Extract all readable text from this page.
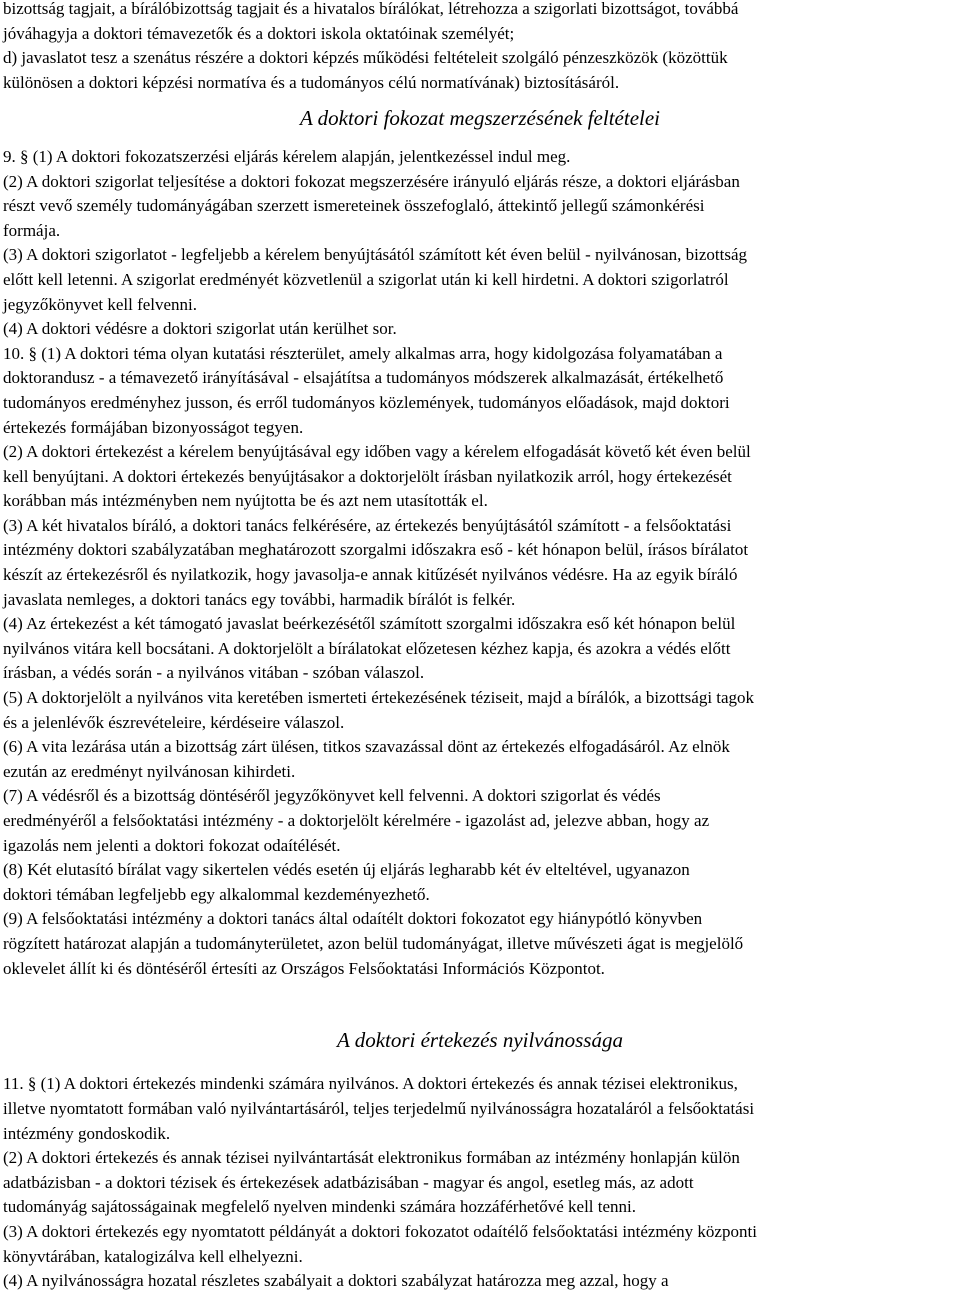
bizottság tagjait, a bírálóbizottság tagjait és a hivatalos bírálókat, létrehozza a szigorlati bizottságot, továbbá
jóváhagyja a doktori témavezetők és a doktori iskola oktatóinak személyét;
d) javaslatot tesz a szenátus részére a doktori képzés működési feltételeit szolgáló pénzeszközök (közöttük
különösen a doktori képzési normatíva és a tudományos célú normatívának) biztosításáról.
A doktori fokozat megszerzésének feltételei
9. § (1) A doktori fokozatszerzési eljárás kérelem alapján, jelentkezéssel indul meg.
(2) A doktori szigorlat teljesítése a doktori fokozat megszerzésére irányuló eljárás része, a doktori eljárásban
részt vevő személy tudományágában szerzett ismereteinek összefoglaló, áttekintő jellegű számonkérési
formája.
(3) A doktori szigorlatot - legfeljebb a kérelem benyújtásától számított két éven belül - nyilvánosan, bizottság
előtt kell letenni. A szigorlat eredményét közvetlenül a szigorlat után ki kell hirdetni. A doktori szigorlatról
jegyzőkönyvet kell felvenni.
(4) A doktori védésre a doktori szigorlat után kerülhet sor.
10. § (1) A doktori téma olyan kutatási részterület, amely alkalmas arra, hogy kidolgozása folyamatában a
doktorandusz - a témavezető irányításával - elsajátítsa a tudományos módszerek alkalmazását, értékelhető
tudományos eredményhez jusson, és erről tudományos közlemények, tudományos előadások, majd doktori
értekezés formájában bizonyosságot tegyen.
(2) A doktori értekezést a kérelem benyújtásával egy időben vagy a kérelem elfogadását követő két éven belül
kell benyújtani. A doktori értekezés benyújtásakor a doktorjelölt írásban nyilatkozik arról, hogy értekezését
korábban más intézményben nem nyújtotta be és azt nem utasították el.
(3) A két hivatalos bíráló, a doktori tanács felkérésére, az értekezés benyújtásától számított - a felsőoktatási
intézmény doktori szabályzatában meghatározott szorgalmi időszakra eső - két hónapon belül, írásos bírálatot
készít az értekezésről és nyilatkozik, hogy javasolja-e annak kitűzését nyilvános védésre. Ha az egyik bíráló
javaslata nemleges, a doktori tanács egy további, harmadik bírálót is felkér.
(4) Az értekezést a két támogató javaslat beérkezésétől számított szorgalmi időszakra eső két hónapon belül
nyilvános vitára kell bocsátani. A doktorjelölt a bírálatokat előzetesen kézhez kapja, és azokra a védés előtt
írásban, a védés során - a nyilvános vitában - szóban válaszol.
(5) A doktorjelölt a nyilvános vita keretében ismerteti értekezésének tézisеit, majd a bírálók, a bizottsági tagok
és a jelenlévők észrevételeire, kérdéseire válaszol.
(6) A vita lezárása után a bizottság zárt ülésen, titkos szavazással dönt az értekezés elfogadásáról. Az elnök
ezután az eredményt nyilvánosan kihirdeti.
(7) A védésről és a bizottság döntéséről jegyzőkönyvet kell felvenni. A doktori szigorlat és védés
eredményéről a felsőoktatási intézmény - a doktorjelölt kérelmére - igazolást ad, jelezve abban, hogy az
igazolás nem jelenti a doktori fokozat odaítélését.
(8) Két elutasító bírálat vagy sikertelen védés esetén új eljárás legharabb két év elteltével, ugyanazon
doktori témában legfeljebb egy alkalommal kezdeményezhető.
(9) A felsőoktatási intézmény a doktori tanács által odaítélt doktori fokozatot egy hiánypótló könyvben
rögzített határozat alapján a tudományterületet, azon belül tudományágat, illetve művészeti ágat is megjelölő
oklevelet állít ki és döntéséről értesíti az Országos Felsőoktatási Információs Központot.
A doktori értekezés nyilvánossága
11. § (1) A doktori értekezés mindenki számára nyilvános. A doktori értekezés és annak tézisei elektronikus,
illetve nyomtatott formában való nyilvántartásáról, teljes terjedelmű nyilvánosságra hozataláról a felsőoktatási
intézmény gondoskodik.
(2) A doktori értekezés és annak tézisei nyilvántartását elektronikus formában az intézmény honlapján külön
adatbázisban - a doktori tézisek és értekezések adatbázisában - magyar és angol, esetleg más, az adott
tudományág sajátosságainak megfelelő nyelven mindenki számára hozzáférhetővé kell tenni.
(3) A doktori értekezés egy nyomtatott példányát a doktori fokozatot odaítélő felsőoktatási intézmény központi
könyvtárában, katalogizálva kell elhelyezni.
(4) A nyilvánosságra hozatal részletes szabályait a doktori szabályzat határozza meg azzal, hogy a
